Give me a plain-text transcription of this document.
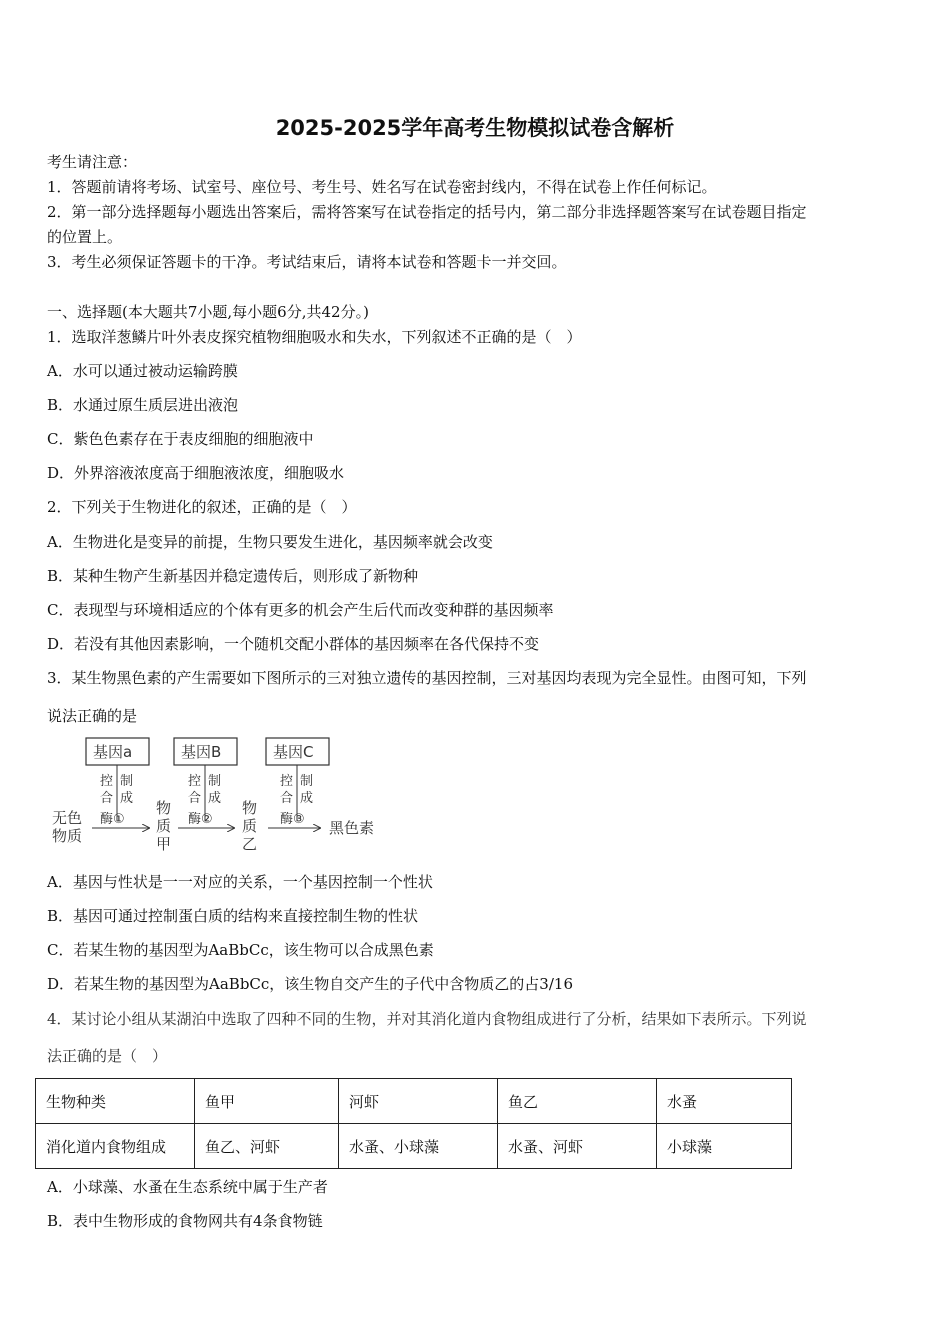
2025-2025学年高考生物模拟试卷含解析
考生请注意：
1．答题前请将考场、试室号、座位号、考生号、姓名写在试卷密封线内，不得在试卷上作任何标记。
2．第一部分选择题每小题选出答案后，需将答案写在试卷指定的括号内，第二部分非选择题答案写在试卷题目指定
的位置上。
3．考生必须保证答题卡的干净。考试结束后，请将本试卷和答题卡一并交回。
一、选择题(本大题共7小题,每小题6分,共42分。)
1．选取洋葱鳞片叶外表皮探究植物细胞吸水和失水，下列叙述不正确的是（　）
A．水可以通过被动运输跨膜
B．水通过原生质层进出液泡
C．紫色色素存在于表皮细胞的细胞液中
D．外界溶液浓度高于细胞液浓度，细胞吸水
2．下列关于生物进化的叙述，正确的是（　）
A．生物进化是变异的前提，生物只要发生进化，基因频率就会改变
B．某种生物产生新基因并稳定遗传后，则形成了新物种
C．表现型与环境相适应的个体有更多的机会产生后代而改变种群的基因频率
D．若没有其他因素影响，一个随机交配小群体的基因频率在各代保持不变
3．某生物黑色素的产生需要如下图所示的三对独立遗传的基因控制，三对基因均表现为完全显性。由图可知，下列
说法正确的是
基因a	基因B	基因C
控 制
合 成
控 制
合 成
控 制
合 成
酶①	酶②	酶③
无色
物质
物
质
甲
物
质
乙
黑色素
A．基因与性状是一一对应的关系，一个基因控制一个性状
B．基因可通过控制蛋白质的结构来直接控制生物的性状
C．若某生物的基因型为AaBbCc，该生物可以合成黑色素
D．若某生物的基因型为AaBbCc，该生物自交产生的子代中含物质乙的占3/16
4．某讨论小组从某湖泊中选取了四种不同的生物，并对其消化道内食物组成进行了分析，结果如下表所示。下列说
法正确的是（　）
生物种类	鱼甲	河虾	鱼乙	水蚤
消化道内食物组成	鱼乙、河虾	水蚤、小球藻	水蚤、河虾	小球藻
A．小球藻、水蚤在生态系统中属于生产者
B．表中生物形成的食物网共有4条食物链
